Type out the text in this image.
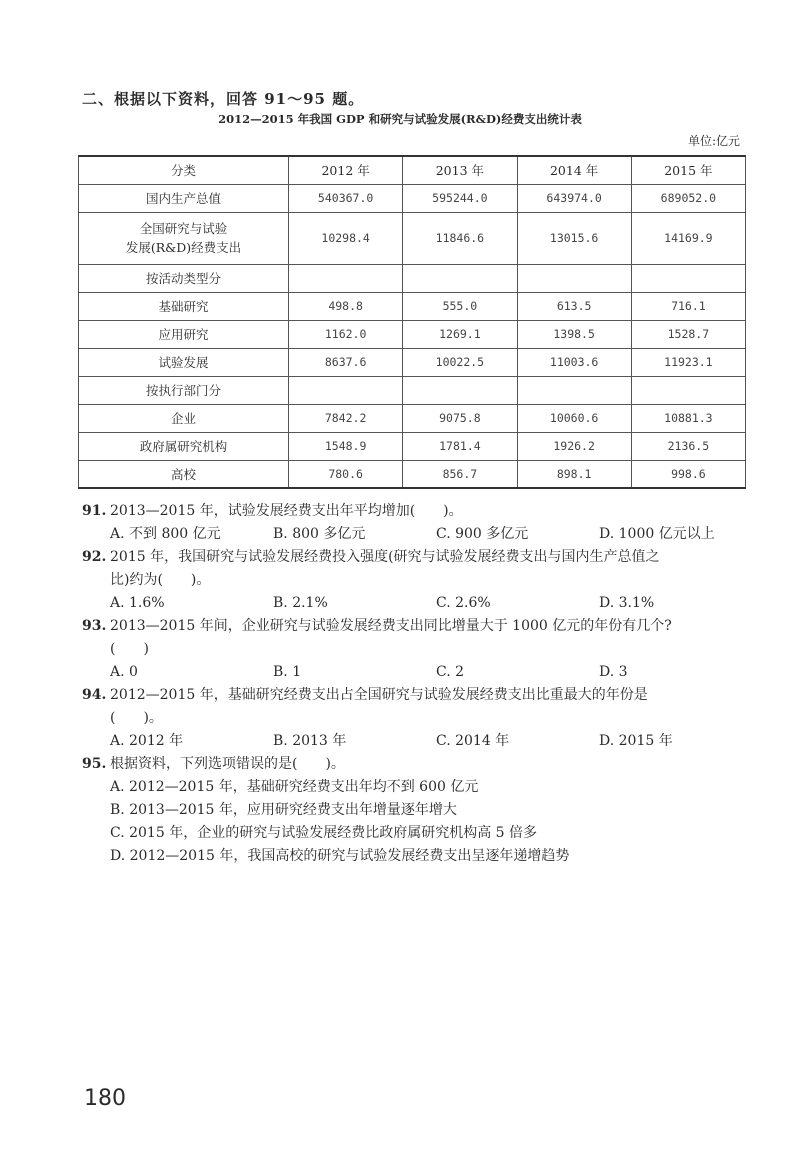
二、根据以下资料，回答 91～95 题。
2012—2015 年我国 GDP 和研究与试验发展(R&D)经费支出统计表
单位:亿元
分类	2012 年	2013 年	2014 年	2015 年
国内生产总值	540367.0	595244.0	643974.0	689052.0
全国研究与试验
发展(R&D)经费支出	10298.4	11846.6	13015.6	14169.9
按活动类型分				
基础研究	498.8	555.0	613.5	716.1
应用研究	1162.0	1269.1	1398.5	1528.7
试验发展	8637.6	10022.5	11003.6	11923.1
按执行部门分				
企业	7842.2	9075.8	10060.6	10881.3
政府属研究机构	1548.9	1781.4	1926.2	2136.5
高校	780.6	856.7	898.1	998.6
91. 2013—2015 年，试验发展经费支出年平均增加(　　)。
A. 不到 800 亿元	B. 800 多亿元	C. 900 多亿元	D. 1000 亿元以上
92. 2015 年，我国研究与试验发展经费投入强度(研究与试验发展经费支出与国内生产总值之
比)约为(　　)。
A. 1.6%	B. 2.1%	C. 2.6%	D. 3.1%
93. 2013—2015 年间，企业研究与试验发展经费支出同比增量大于 1000 亿元的年份有几个?
(　　)
A. 0	B. 1	C. 2	D. 3
94. 2012—2015 年，基础研究经费支出占全国研究与试验发展经费支出比重最大的年份是
(　　)。
A. 2012 年	B. 2013 年	C. 2014 年	D. 2015 年
95. 根据资料，下列选项错误的是(　　)。
A. 2012—2015 年，基础研究经费支出年均不到 600 亿元
B. 2013—2015 年，应用研究经费支出年增量逐年增大
C. 2015 年，企业的研究与试验发展经费比政府属研究机构高 5 倍多
D. 2012—2015 年，我国高校的研究与试验发展经费支出呈逐年递增趋势
180
